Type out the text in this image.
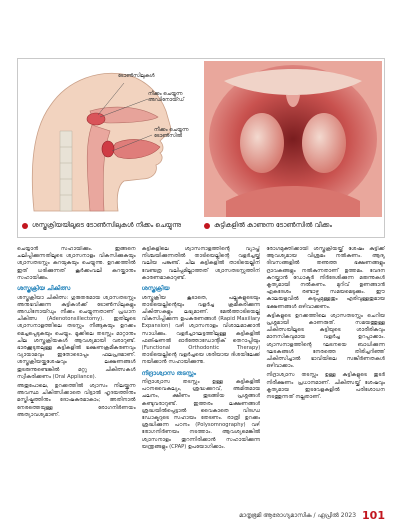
ടോൺസിലുകൾ
നീക്കം ചെയ്യുന്ന അഡിനോയ്ഡ്
നീക്കം ചെയ്യുന്ന ടോൺസിൽ
ശസ്ത്രക്രിയയിലൂടെ ടോൺസിലുകൾ നീക്കം ചെയ്യുന്നു	കുട്ടികളിൽ കാണുന്ന ടോൺസിൽ വീക്കം

ചെയ്യാൻ സഹായിക്കും. ഇങ്ങനെ ചലിപ്പിക്കുന്നതിലൂടെ ശ്വാസനാളം വികസിക്കുകയും ശ്വാസതടസ്സം കുറയുകയും ചെയ്യുന്നു. ഉറക്കത്തിൽ ഇത് ധരിക്കുന്നത് കൂർക്കംവലി കുറയ്ക്കാനും സഹായിക്കും.

ശസ്ത്രക്രിയ ചികിത്സ

ശസ്ത്രക്രിയാ ചികിത്സ: ഗുരുതരമായ ശ്വാസതടസ്സം അനുഭവിക്കുന്ന കുട്ടികൾക്ക് ടോൺസിലുകളും അഡിനോയ്ഡും നീക്കം ചെയ്യുന്നതാണ് പ്രധാന ചികിത്സ (Adenotonsillectomy). ഇതിലൂടെ ശ്വാസനാളത്തിലെ തടസ്സം നീങ്ങുകയും ഉറക്കം മെച്ചപ്പെടുകയും ചെയ്യും. മൂക്കിലെ തടസ്സം മാറ്റാനും ചില ശസ്ത്രക്രിയകൾ ആവശ്യമായി വരാറുണ്ട്. ഭാരക്കൂടുതലുള്ള കുട്ടികളിൽ ഭക്ഷണക്രമീകരണവും വ്യായാമവും ഇതോടൊപ്പം ഫലപ്രദമാണ്. ശസ്ത്രക്രിയയ്ക്കുശേഷവും ലക്ഷണങ്ങൾ തുടരുന്നുണ്ടെങ്കിൽ മറ്റു ചികിത്സകൾ സ്വീകരിക്കണം (Oral Appliance).

അതുപോലെ, ഉറക്കത്തിൽ ശ്വാസം നിലയ്ക്കുന്ന അവസ്ഥ ചികിത്സിക്കാതെ വിട്ടാൽ ഹൃദയത്തിനും മസ്തിഷ്കത്തിനും ദോഷകരമാകാം; അതിനാൽ നേരത്തെയുള്ള രോഗനിർണയം അത്യാവശ്യമാണ്.

കുട്ടികളിലെ ശ്വാസനാളത്തിന്റെ വ്യാപ്തി നിശ്ചയിക്കുന്നതിൽ താടിയെല്ലിന്റെ വളർച്ചയ്ക്ക് വലിയ പങ്കുണ്ട്. ചില കുട്ടികളിൽ താടിയെല്ലിന് വേണ്ടത്ര വലിപ്പമില്ലാത്തത് ശ്വാസതടസ്സത്തിന് കാരണമാകാറുണ്ട്.

ശസ്ത്രക്രിയ

ശസ്ത്രക്രിയ കൂടാതെ, പല്ലുകളുടെയും താടിയെല്ലിന്റെയും വളർച്ച ക്രമീകരിക്കുന്ന ചികിത്സകളും ലഭ്യമാണ്. മേൽത്താടിയെല്ല് വികസിപ്പിക്കുന്ന ഉപകരണങ്ങൾ (Rapid Maxillary Expansion) വഴി ശ്വാസനാളം വിശാലമാക്കാൻ സാധിക്കും. വളർച്ചാഘട്ടത്തിലുള്ള കുട്ടികളിൽ ഫങ്ഷണൽ ഓർത്തോഡോന്റിക് തെറാപ്പിയും (Functional Orthodontic Therapy) താടിയെല്ലിന്റെ വളർച്ചയെ ശരിയായ ദിശയിലേക്ക് നയിക്കാൻ സഹായിക്കുന്നു.

നിദ്രാശ്വാസ തടസ്സം

നിദ്രാശ്വാസ തടസ്സം ഉള്ള കുട്ടികളിൽ പഠനവൈകല്യം, ശ്രദ്ധക്കുറവ്, അമിതമായ ചലനം, ക്ഷീണം തുടങ്ങിയ പ്രശ്നങ്ങൾ കണ്ടുവരാറുണ്ട്. ഇത്തരം ലക്ഷണങ്ങൾ ശ്രദ്ധയിൽപ്പെട്ടാൽ വൈകാതെ വിദഗ്ധ ഡോക്ടറുടെ സഹായം തേടണം. രാത്രി ഉറക്കം ശ്രദ്ധിക്കുന്ന പഠനം (Polysomnography) വഴി രോഗനിർണയം നടത്താം. ആവശ്യമെങ്കിൽ ശ്വാസനാളം തുറന്നിരിക്കാൻ സഹായിക്കുന്ന യന്ത്രങ്ങളും (CPAP) ഉപയോഗിക്കാം.

രോഗമുക്തിക്കായി ശസ്ത്രക്രിയയ്ക്ക് ശേഷം കുട്ടിക്ക് ആവശ്യമായ വിശ്രമം നൽകണം. ആദ്യ ദിവസങ്ങളിൽ തണുത്ത ഭക്ഷണങ്ങളും ദ്രാവകങ്ങളും നൽകുന്നതാണ് ഉത്തമം. വേദന കുറയ്ക്കാൻ ഡോക്ടർ നിർദേശിക്കുന്ന മരുന്നുകൾ കൃത്യമായി നൽകണം. മുറിവ് ഉണങ്ങാൻ ഏകദേശം രണ്ടാഴ്ച സമയമെടുക്കും. ഈ കാലയളവിൽ കടുപ്പമുള്ളതും എരിവുള്ളതുമായ ഭക്ഷണങ്ങൾ ഒഴിവാക്കണം.

കുട്ടികളുടെ ഉറക്കത്തിലെ ശ്വാസതടസ്സം ചെറിയ പ്രശ്നമായി കാണരുത്. സമയത്തുള്ള ചികിത്സയിലൂടെ കുട്ടിയുടെ ശാരീരികവും മാനസികവുമായ വളർച്ച ഉറപ്പാക്കാം. ശ്വാസനാളത്തിന്റെ ഘടനയെ ബാധിക്കുന്ന ഘടകങ്ങൾ നേരത്തെ തിരിച്ചറിഞ്ഞ് ചികിത്സിച്ചാൽ ഭാവിയിലെ സങ്കീർണതകൾ ഒഴിവാക്കാം.

നിദ്രാശ്വാസ തടസ്സം ഉള്ള കുട്ടികളുടെ തുടർ നിരീക്ഷണം പ്രധാനമാണ്. ചികിത്സയ്ക്ക് ശേഷവും കൃത്യമായ ഇടവേളകളിൽ പരിശോധന നടത്തുന്നത് നല്ലതാണ്.

മാതൃഭൂമി ആരോഗ്യമാസിക / ഏപ്രിൽ 2023 101
